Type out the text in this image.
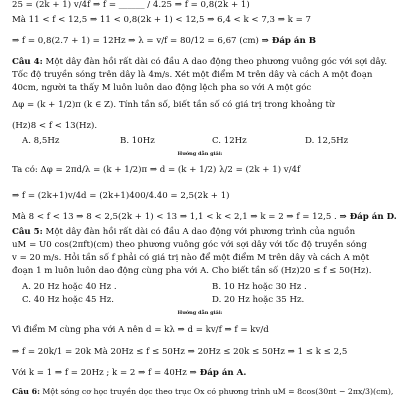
25 = (2k + 1) v/4f ⇒ f = ______ / 4.25 ⇒ f = 0,8(2k + 1)
Mà 11 < f < 12,5 ⇒ 11 < 0,8(2k + 1) < 12,5 ⇒ 6,4 < k < 7,3 ⇒ k = 7
⇒ f = 0,8(2.7 + 1) = 12Hz ⇒ λ = v/f = 80/12 = 6,67 (cm) ⇒ Đáp án B
Câu 4: Một dây đàn hồi rất dài có đầu A dao động theo phương vuông góc với sợi dây.
Tốc độ truyền sóng trên dây là 4m/s. Xét một điểm M trên dây và cách A một đoạn
40cm, người ta thấy M luôn luôn dao động lệch pha so với A một góc
Δφ = (k + 1/2)π (k ∈ Z). Tính tần số, biết tần số có giá trị trong khoảng từ
(Hz)8 < f < 13(Hz).
A. 8,5Hz	B. 10Hz	C. 12Hz	D. 12,5Hz
Hướng dẫn giải:
Ta có: Δφ = 2πd/λ = (k + 1/2)π ⇒ d = (k + 1/2) λ/2 = (2k + 1) v/4f
⇒ f = (2k+1)v/4d = (2k+1)400/4.40 = 2,5(2k + 1)
Mà 8 < f < 13 ⇒ 8 < 2,5(2k + 1) < 13 ⇒ 1,1 < k < 2,1 ⇒ k = 2 ⇒ f = 12,5 . ⇒ Đáp án D.
Câu 5: Một dây đàn hồi rất dài có đầu A dao động với phương trình của nguồn
uM = U0 cos(2πft)(cm) theo phương vuông góc với sợi dây với tốc độ truyền sóng
v = 20 m/s. Hỏi tần số f phải có giá trị nào để một điểm M trên dây và cách A một
đoạn 1 m luôn luôn dao động cùng pha với A. Cho biết tần số (Hz)20 ≤ f ≤ 50(Hz).
A. 20 Hz hoặc 40 Hz .	B. 10 Hz hoặc 30 Hz .
C. 40 Hz hoặc 45 Hz.	D. 20 Hz hoặc 35 Hz.
Hướng dẫn giải:
Vì điểm M cùng pha với A nên d = kλ ⇒ d = kv/f ⇒ f = kv/d
⇒ f = 20k/1 = 20k Mà 20Hz ≤ f ≤ 50Hz ⇒ 20Hz ≤ 20k ≤ 50Hz ⇒ 1 ≤ k ≤ 2,5
Với k = 1 ⇒ f = 20Hz ; k = 2 ⇒ f = 40Hz ⇒ Đáp án A.
Câu 6: Một sóng cơ học truyền dọc theo trục Ox có phương trình uM = 8cos(30πt − 2πx/3)(cm),
